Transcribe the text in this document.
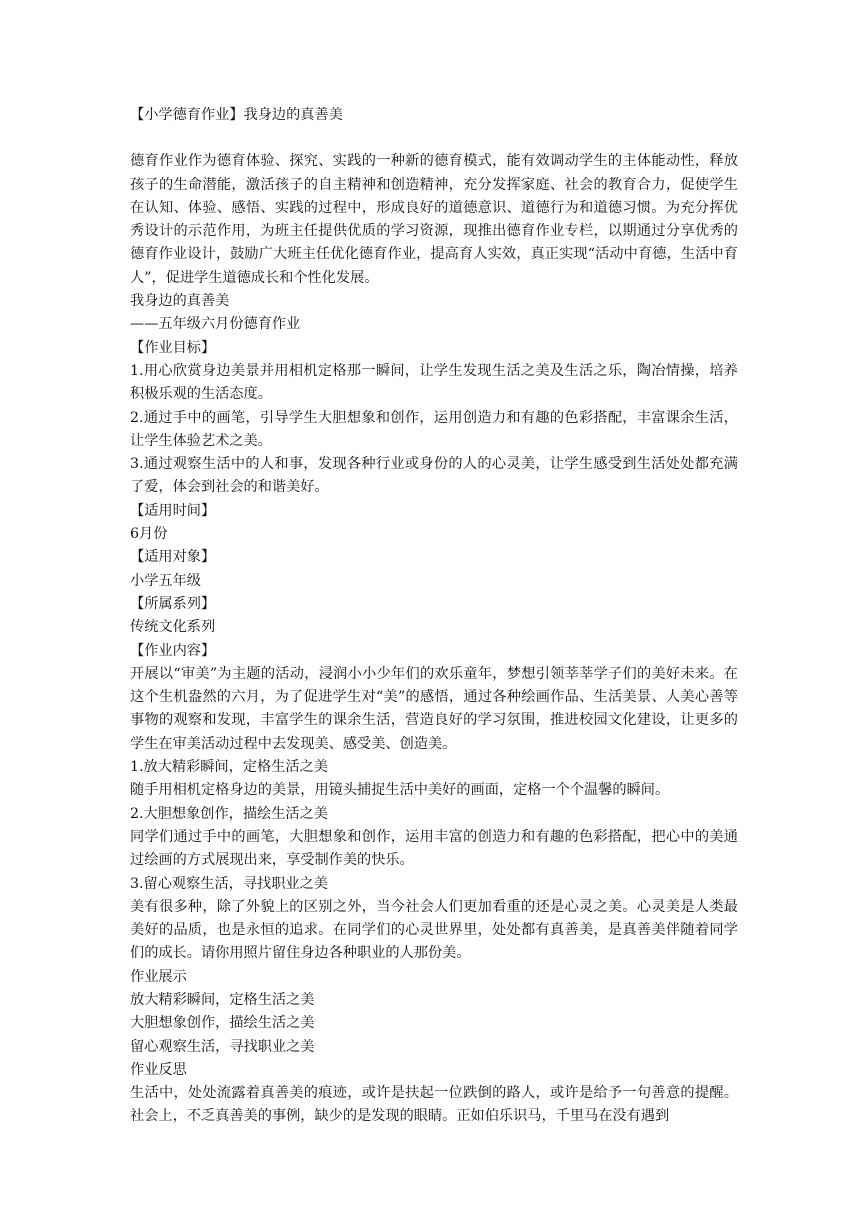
【小学德育作业】我身边的真善美

德育作业作为德育体验、探究、实践的一种新的德育模式，能有效调动学生的主体能动性，释放孩子的生命潜能，激活孩子的自主精神和创造精神，充分发挥家庭、社会的教育合力，促使学生在认知、体验、感悟、实践的过程中，形成良好的道德意识、道德行为和道德习惯。为充分挥优秀设计的示范作用，为班主任提供优质的学习资源，现推出德育作业专栏，以期通过分享优秀的德育作业设计，鼓励广大班主任优化德育作业，提高育人实效，真正实现“活动中育德，生活中育人”，促进学生道德成长和个性化发展。

我身边的真善美

——五年级六月份德育作业

【作业目标】

1.用心欣赏身边美景并用相机定格那一瞬间，让学生发现生活之美及生活之乐，陶冶情操，培养积极乐观的生活态度。

2.通过手中的画笔，引导学生大胆想象和创作，运用创造力和有趣的色彩搭配，丰富课余生活，让学生体验艺术之美。

3.通过观察生活中的人和事，发现各种行业或身份的人的心灵美，让学生感受到生活处处都充满了爱，体会到社会的和谐美好。

【适用时间】

6月份

【适用对象】

小学五年级

【所属系列】

传统文化系列

【作业内容】

开展以“审美”为主题的活动，浸润小小少年们的欢乐童年，梦想引领莘莘学子们的美好未来。在这个生机盎然的六月，为了促进学生对“美”的感悟，通过各种绘画作品、生活美景、人美心善等事物的观察和发现，丰富学生的课余生活，营造良好的学习氛围，推进校园文化建设，让更多的学生在审美活动过程中去发现美、感受美、创造美。

1.放大精彩瞬间，定格生活之美

随手用相机定格身边的美景，用镜头捕捉生活中美好的画面，定格一个个温馨的瞬间。

2.大胆想象创作，描绘生活之美

同学们通过手中的画笔，大胆想象和创作，运用丰富的创造力和有趣的色彩搭配，把心中的美通过绘画的方式展现出来，享受制作美的快乐。

3.留心观察生活，寻找职业之美

美有很多种，除了外貌上的区别之外，当今社会人们更加看重的还是心灵之美。心灵美是人类最美好的品质，也是永恒的追求。在同学们的心灵世界里，处处都有真善美，是真善美伴随着同学们的成长。请你用照片留住身边各种职业的人那份美。

作业展示

放大精彩瞬间，定格生活之美

大胆想象创作，描绘生活之美

留心观察生活，寻找职业之美

作业反思

生活中，处处流露着真善美的痕迹，或许是扶起一位跌倒的路人，或许是给予一句善意的提醒。社会上，不乏真善美的事例，缺少的是发现的眼睛。正如伯乐识马，千里马在没有遇到
